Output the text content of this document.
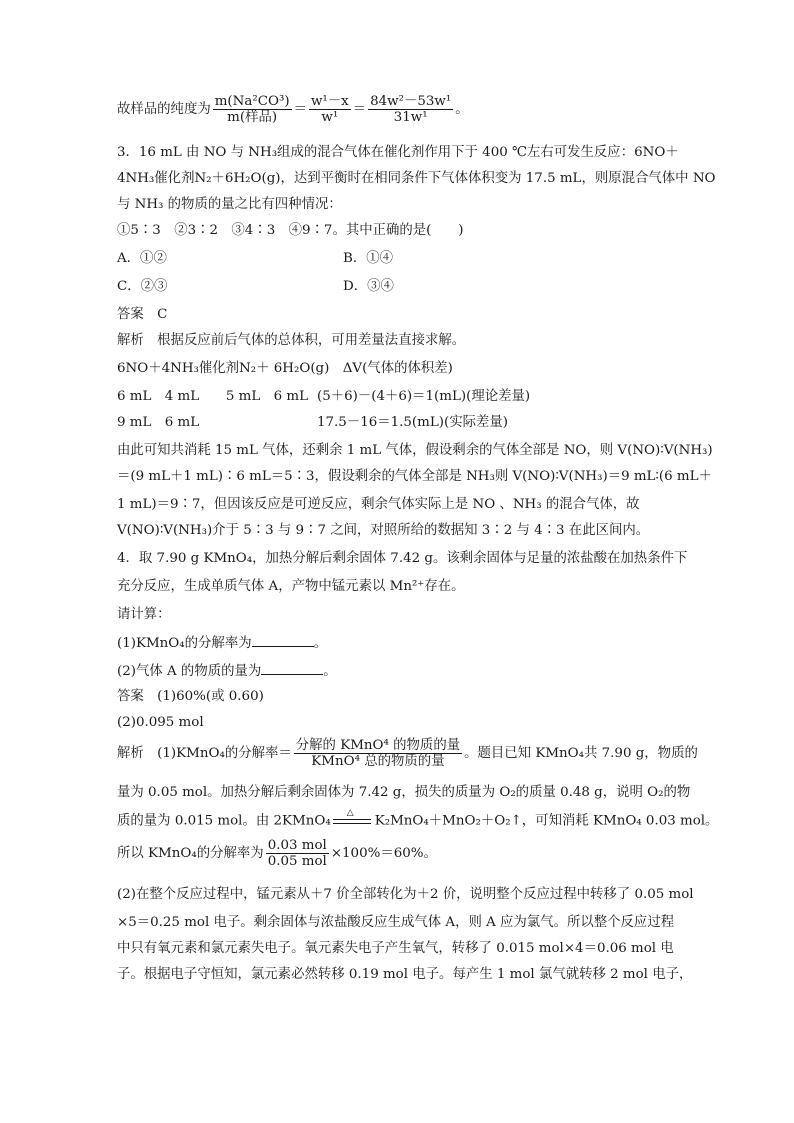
故样品的纯度为 $\frac{\text{m(Na²CO³)}}{\text{m(样品)}} = \frac{\text{w¹－x}}{\text{w¹}} = \frac{\text{84w²－53w¹}}{\text{31w¹}}$ 。
3．16 mL 由 NO 与 NH₃组成的混合气体在催化剂作用下于 400 ℃左右可发生反应：6NO＋
4NH₃催化剂N₂＋6H₂O(g)，达到平衡时在相同条件下气体体积变为 17.5 mL，则原混合气体中 NO
与 NH₃ 的物质的量之比有四种情况：
①5∶3　②3∶2　③4∶3　④9∶7。其中正确的是(　　)
A．①②	B．①④
C．②③	D．③④
答案　C
解析　根据反应前后气体的总体积，可用差量法直接求解。
6NO＋4NH₃催化剂N₂＋ 6H₂O(g)　ΔV(气体的体积差)
6 mL　4 mL　　5 mL　6 mL (5＋6)－(4＋6)＝1(mL)(理论差量)
9 mL　6 mL	17.5－16＝1.5(mL)(实际差量)
由此可知共消耗 15 mL 气体，还剩余 1 mL 气体，假设剩余的气体全部是 NO，则 V(NO)∶V(NH₃)
＝(9 mL＋1 mL)∶6 mL＝5∶3，假设剩余的气体全部是 NH₃则 V(NO)∶V(NH₃)＝9 mL∶(6 mL＋
1 mL)＝9∶7，但因该反应是可逆反应，剩余气体实际上是 NO 、NH₃ 的混合气体，故
V(NO)∶V(NH₃)介于 5∶3 与 9∶7 之间，对照所给的数据知 3∶2 与 4∶3 在此区间内。
4．取 7.90 g KMnO₄，加热分解后剩余固体 7.42 g。该剩余固体与足量的浓盐酸在加热条件下
充分反应，生成单质气体 A，产物中锰元素以 Mn²⁺存在。
请计算：
(1)KMnO₄的分解率为	。
(2)气体 A 的物质的量为	。
答案　(1)60%(或 0.60)
(2)0.095 mol
解析　(1)KMnO₄的分解率＝ $\frac{\text{分解的 KMnO⁴ 的物质的量}}{\text{KMnO⁴ 总的物质的量}}$ 。题目已知 KMnO₄共 7.90 g，物质的
量为 0.05 mol。加热分解后剩余固体为 7.42 g，损失的质量为 O₂的质量 0.48 g，说明 O₂的物
质的量为 0.015 mol。由 2KMnO₄
△
K₂MnO₄＋MnO₂＋O₂↑，可知消耗 KMnO₄ 0.03 mol。
所以 KMnO₄的分解率为 $\frac{\text{0.03 mol}}{\text{0.05 mol}} \times 100\%=60\%$。
(2)在整个反应过程中，锰元素从＋7 价全部转化为＋2 价，说明整个反应过程中转移了 0.05 mol
×5＝0.25 mol 电子。剩余固体与浓盐酸反应生成气体 A，则 A 应为氯气。所以整个反应过程
中只有氧元素和氯元素失电子。氧元素失电子产生氧气，转移了 0.015 mol×4＝0.06 mol 电
子。根据电子守恒知，氯元素必然转移 0.19 mol 电子。每产生 1 mol 氯气就转移 2 mol 电子，
